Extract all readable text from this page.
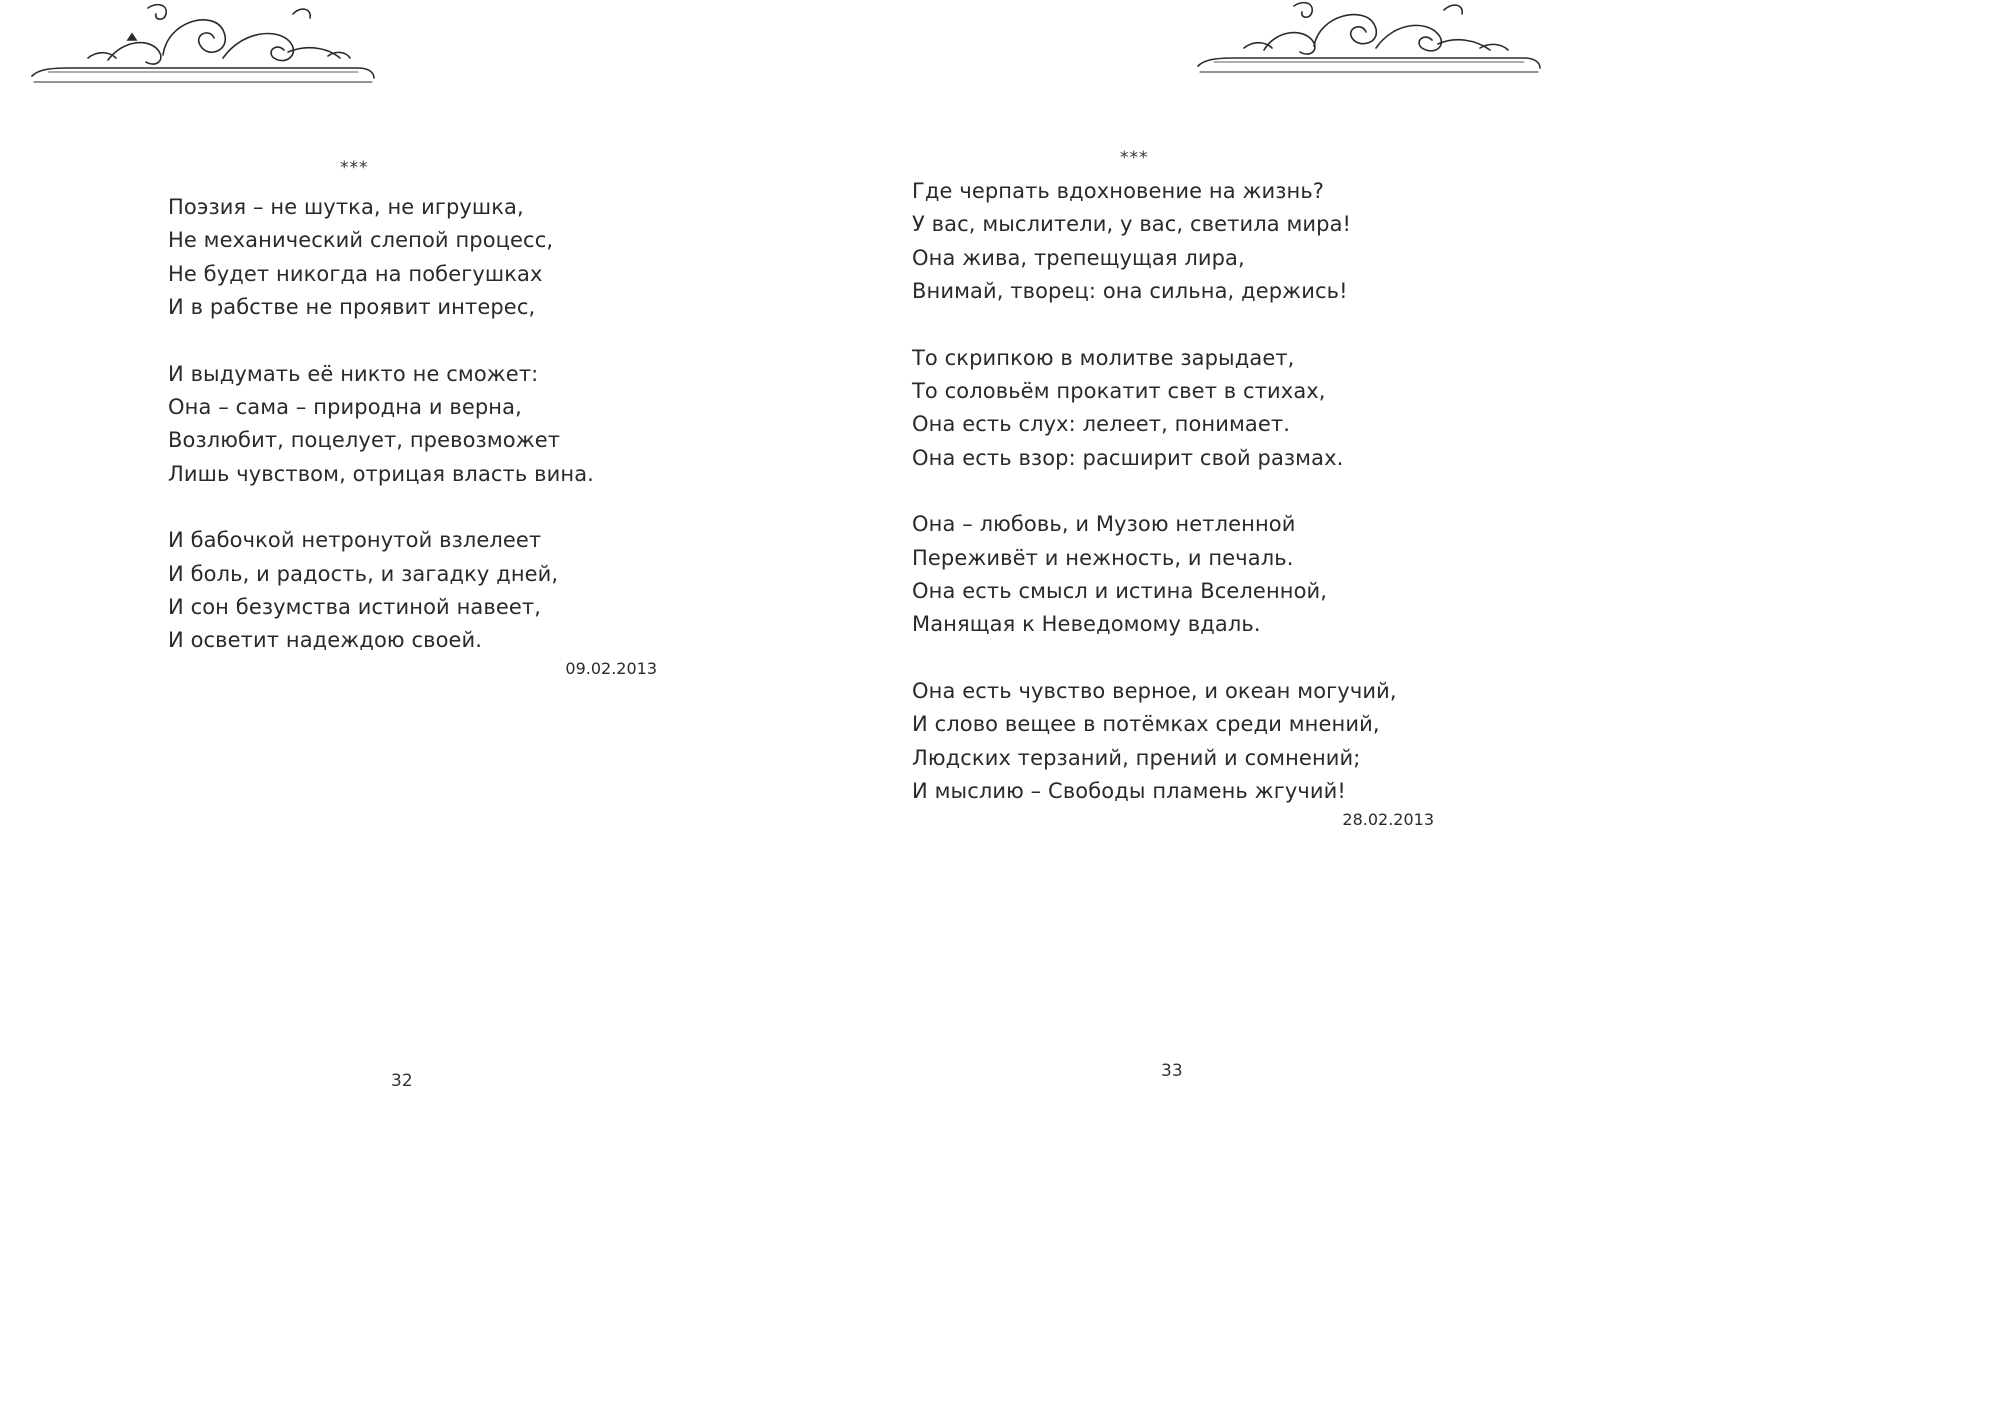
***
Поэзия – не шутка, не игрушка,
Не механический слепой процесс,
Не будет никогда на побегушках
И в рабстве не проявит интерес,
И выдумать её никто не сможет:
Она – сама – природна и верна,
Возлюбит, поцелует, превозможет
Лишь чувством, отрицая власть вина.
И бабочкой нетронутой взлелеет
И боль, и радость, и загадку дней,
И сон безумства истиной навеет,
И осветит надеждою своей.
09.02.2013
32
***
Где черпать вдохновение на жизнь?
У вас, мыслители, у вас, светила мира!
Она жива, трепещущая лира,
Внимай, творец: она сильна, держись!
То скрипкою в молитве зарыдает,
То соловьём прокатит свет в стихах,
Она есть слух: лелеет, понимает.
Она есть взор: расширит свой размах.
Она – любовь, и Музою нетленной
Переживёт и нежность, и печаль.
Она есть смысл и истина Вселенной,
Манящая к Неведомому вдаль.
Она есть чувство верное, и океан могучий,
И слово вещее в потёмках среди мнений,
Людских терзаний, прений и сомнений;
И мыслию – Свободы пламень жгучий!
28.02.2013
33
